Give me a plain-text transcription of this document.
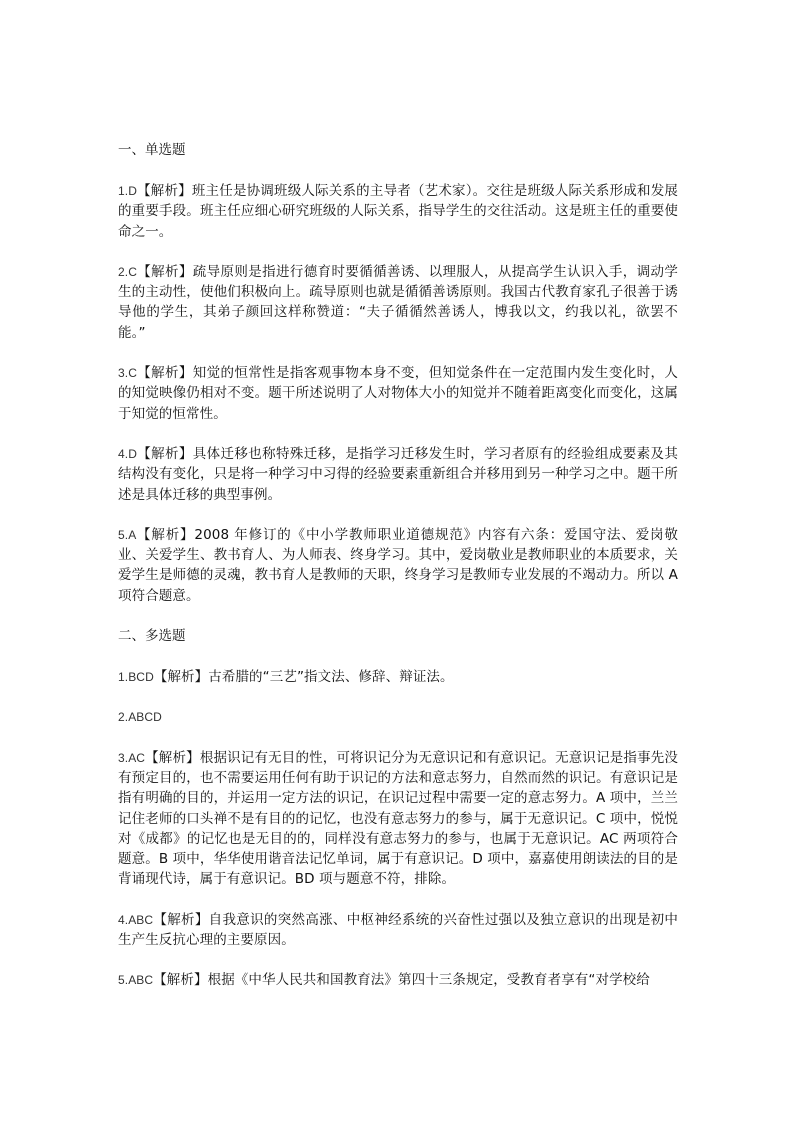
一、单选题

1.D【解析】班主任是协调班级人际关系的主导者（艺术家）。交往是班级人际关系形成和发展的重要手段。班主任应细心研究班级的人际关系，指导学生的交往活动。这是班主任的重要使命之一。

2.C【解析】疏导原则是指进行德育时要循循善诱、以理服人，从提高学生认识入手，调动学生的主动性，使他们积极向上。疏导原则也就是循循善诱原则。我国古代教育家孔子很善于诱导他的学生，其弟子颜回这样称赞道：“夫子循循然善诱人，博我以文，约我以礼，欲罢不能。”

3.C【解析】知觉的恒常性是指客观事物本身不变，但知觉条件在一定范围内发生变化时，人的知觉映像仍相对不变。题干所述说明了人对物体大小的知觉并不随着距离变化而变化，这属于知觉的恒常性。

4.D【解析】具体迁移也称特殊迁移，是指学习迁移发生时，学习者原有的经验组成要素及其结构没有变化，只是将一种学习中习得的经验要素重新组合并移用到另一种学习之中。题干所述是具体迁移的典型事例。

5.A【解析】2008 年修订的《中小学教师职业道德规范》内容有六条：爱国守法、爱岗敬业、关爱学生、教书育人、为人师表、终身学习。其中，爱岗敬业是教师职业的本质要求，关爱学生是师德的灵魂，教书育人是教师的天职，终身学习是教师专业发展的不竭动力。所以 A 项符合题意。

二、多选题

1.BCD【解析】古希腊的“三艺”指文法、修辞、辩证法。

2.ABCD

3.AC【解析】根据识记有无目的性，可将识记分为无意识记和有意识记。无意识记是指事先没有预定目的，也不需要运用任何有助于识记的方法和意志努力，自然而然的识记。有意识记是指有明确的目的，并运用一定方法的识记，在识记过程中需要一定的意志努力。A 项中，兰兰记住老师的口头禅不是有目的的记忆，也没有意志努力的参与，属于无意识记。C 项中，悦悦对《成都》的记忆也是无目的的，同样没有意志努力的参与，也属于无意识记。AC 两项符合题意。B 项中，华华使用谐音法记忆单词，属于有意识记。D 项中，嘉嘉使用朗读法的目的是背诵现代诗，属于有意识记。BD 项与题意不符，排除。

4.ABC【解析】自我意识的突然高涨、中枢神经系统的兴奋性过强以及独立意识的出现是初中生产生反抗心理的主要原因。

5.ABC【解析】根据《中华人民共和国教育法》第四十三条规定，受教育者享有“对学校给
